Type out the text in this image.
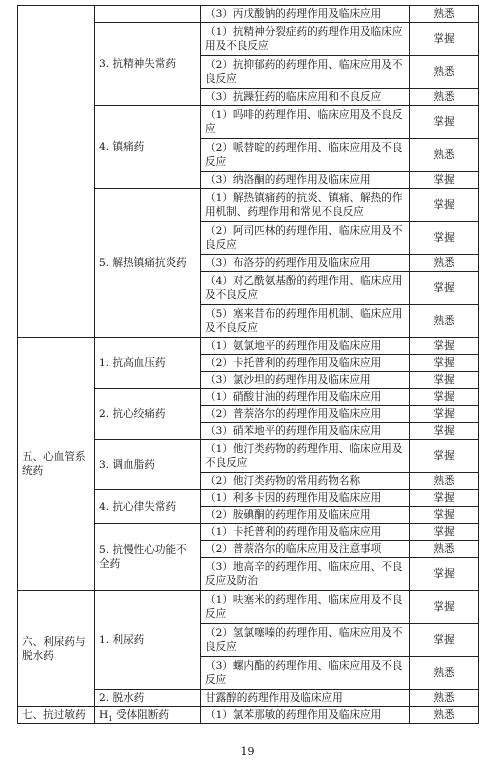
		（3）丙戊酸钠的药理作用及临床应用	熟悉
	3. 抗精神失常药	（1）抗精神分裂症药的药理作用及临床应用及不良反应	掌握
		（2）抗抑郁药的药理作用、临床应用及不良反应	熟悉
		（3）抗躁狂药的临床应用和不良反应	熟悉
	4. 镇痛药	（1）吗啡的药理作用、临床应用及不良反应	掌握
		（2）哌替啶的药理作用、临床应用及不良反应	熟悉
		（3）纳洛酮的药理作用及临床应用	掌握
	5. 解热镇痛抗炎药	（1）解热镇痛药的抗炎、镇痛、解热的作用机制、药理作用和常见不良反应	掌握
		（2）阿司匹林的药理作用、临床应用及不良反应	掌握
		（3）布洛芬的药理作用及临床应用	熟悉
		（4）对乙酰氨基酚的药理作用、临床应用及不良反应	掌握
		（5）塞来昔布的药理作用机制、临床应用及不良反应	熟悉
五、心血管系统药	1. 抗高血压药	（1）氨氯地平的药理作用及临床应用	掌握
		（2）卡托普利的药理作用及临床应用	掌握
		（3）氯沙坦的药理作用及临床应用	掌握
	2. 抗心绞痛药	（1）硝酸甘油的药理作用及临床应用	掌握
		（2）普萘洛尔的药理作用及临床应用	掌握
		（3）硝苯地平的药理作用及临床应用	掌握
	3. 调血脂药	（1）他汀类药物的药理作用、临床应用及不良反应	掌握
		（2）他汀类药物的常用药物名称	熟悉
	4. 抗心律失常药	（1）利多卡因的药理作用及临床应用	掌握
		（2）胺碘酮的药理作用及临床应用	掌握
	5. 抗慢性心功能不全药	（1）卡托普利的药理作用及临床应用	掌握
		（2）普萘洛尔的临床应用及注意事项	熟悉
		（3）地高辛的药理作用、临床应用、不良反应及防治	掌握
六、利尿药与脱水药	1. 利尿药	（1）呋塞米的药理作用、临床应用及不良反应	掌握
		（2）氢氯噻嗪的药理作用、临床应用及不良反应	掌握
		（3）螺内酯的药理作用、临床应用及不良反应	熟悉
	2. 脱水药	甘露醇的药理作用及临床应用	熟悉
七、抗过敏药	$H_1$ 受体阻断药	（1）氯苯那敏的药理作用及临床应用	熟悉
19
